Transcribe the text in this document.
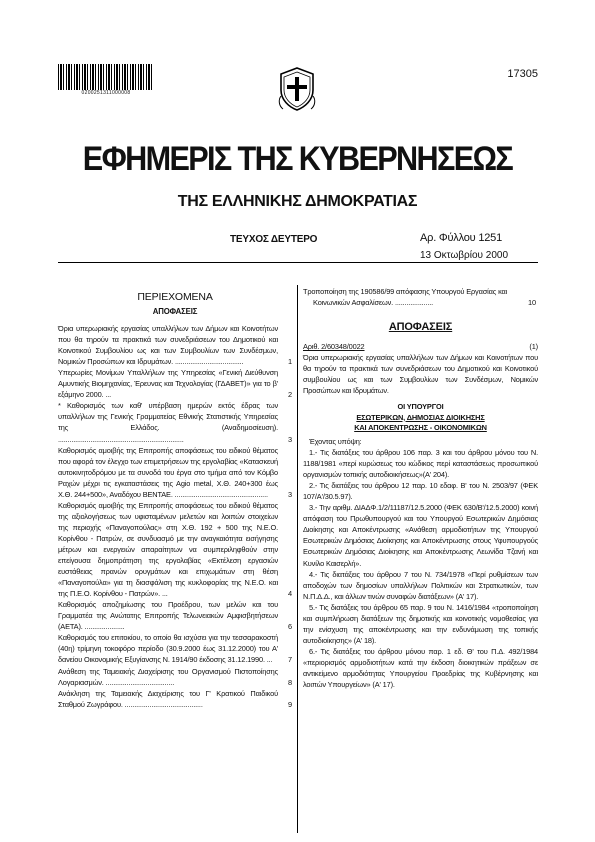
0200251311000008
17305
ΕΦΗΜΕΡΙΣ ΤΗΣ ΚΥΒΕΡΝΗΣΕΩΣ
ΤΗΣ ΕΛΛΗΝΙΚΗΣ ΔΗΜΟΚΡΑΤΙΑΣ
ΤΕΥΧΟΣ ΔΕΥΤΕΡΟ	Αρ. Φύλλου 1251
13 Οκτωβρίου 2000
ΠΕΡΙΕΧΟΜΕΝΑ
ΑΠΟΦΑΣΕΙΣ
Όρια υπερωριακής εργασίας υπαλλήλων των Δήμων και Κοινοτήτων που θα τηρούν τα πρακτικά των συνεδριάσεων του Δημοτικού και Κοινοτικού Συμβουλίου ως και των Συμβουλίων των Συνδέσμων, Νομικών Προσώπων και Ιδρυμάτων. ....................................	1
Υπερωρίες Μονίμων Υπαλλήλων της Υπηρεσίας «Γενική Διεύθυνση Αμυντικής Βιομηχανίας, Έρευνας και Τεχνολογίας (ΓΔΑΒΕΤ)» για το β' εξάμηνο 2000. ...	2
* Καθορισμός των καθ' υπέρβαση ημερών εκτός έδρας των υπαλλήλων της Γενικής Γραμματείας Εθνικής Στατιστικής Υπηρεσίας της Ελλάδος. (Αναδημοσίευση). ..................................................................	3
Καθορισμός αμοιβής της Επιτροπής αποφάσεως του ειδικού θέματος που αφορά τον έλεγχο των επιμετρήσεων της εργολαβίας «Κατασκευή αυτοκινητοδρόμου με τα συνοδά του έργα στο τμήμα από τον Κόμβο Ραχών μέχρι τις εγκαταστάσεις της Αgio metal, Χ.Θ. 240+300 έως Χ.Θ. 244+500», Αναδόχου ΒΕΝΤΑΕ. .................................................	3
Καθορισμός αμοιβής της Επιτροπής αποφάσεως του ειδικού θέματος της αξιολογήσεως των υφισταμένων μελετών και λοιπών στοιχείων της περιοχής «Παναγοπούλας» στη Χ.Θ. 192 + 500 της Ν.Ε.Ο. Κορίνθου - Πατρών, σε συνδυασμό με την αναγκαιότητα εισήγησης μέτρων και ενεργειών απαραίτητων να συμπεριληφθούν στην επείγουσα δημοπράτηση της εργολαβίας «Εκτέλεση εργασιών ευστάθειας πρανών ορυγμάτων και επιχωμάτων στη θέση «Παναγοπούλα» για τη διασφάλιση της κυκλοφορίας της Ν.Ε.Ο. και της Π.Ε.Ο. Κορίνθου - Πατρών». ...	4
Καθορισμός αποζημίωσης του Προέδρου, των μελών και του Γραμματέα της Ανώτατης Επιτροπής Τελωνειακών Αμφισβητήσεων (ΑΕΤΑ). .....................	6
Καθορισμός του επιτοκίου, το οποίο θα ισχύσει για την τεσσαρακοστή (40η) τρίμηνη τοκοφόρο περίοδο (30.9.2000 έως 31.12.2000) του Α' δανείου Οικονομικής Εξυγίανσης Ν. 1914/90 έκδοσης 31.12.1990. ... 7
Ανάθεση της Ταμειακής Διαχείρισης του Οργανισμού Πιστοποίησης Λογαριασμών. ....................................	8
Ανάκληση της Ταμειακής Διαχείρισης του Γ' Κρατικού Παιδικού Σταθμού Ζωγράφου. .........................................	9
Τροποποίηση της 190586/99 απόφασης Υπουργού Εργασίας και Κοινωνικών Ασφαλίσεων. ....................	10
ΑΠΟΦΑΣΕΙΣ
Αριθ. 2/60348/0022	(1)
Όρια υπερωριακής εργασίας υπαλλήλων των Δήμων και Κοινοτήτων που θα τηρούν τα πρακτικά των συνεδριάσεων του Δημοτικού και Κοινοτικού συμβουλίου ως και των Συμβουλίων των Συνδέσμων, Νομικών Προσώπων και Ιδρυμάτων.
ΟΙ ΥΠΟΥΡΓΟΙ
ΕΣΩΤΕΡΙΚΩΝ, ΔΗΜΟΣΙΑΣ ΔΙΟΙΚΗΣΗΣ
ΚΑΙ ΑΠΟΚΕΝΤΡΩΣΗΣ - ΟΙΚΟΝΟΜΙΚΩΝ
Έχοντας υπόψη:
1.- Τις διατάξεις του άρθρου 106 παρ. 3 και του άρθρου μόνου του Ν. 1188/1981 «περί κυρώσεως του κώδικος περί καταστάσεως προσωπικού οργανισμών τοπικής αυτοδιοικήσεως»(Α' 204).
2.- Τις διατάξεις του άρθρου 12 παρ. 10 εδαφ. Β' του Ν. 2503/97 (ΦΕΚ 107/Α'/30.5.97).
3.- Την αριθμ. ΔΙΑΔΦ.1/2/11187/12.5.2000 (ΦΕΚ 630/Β'/12.5.2000) κοινή απόφαση του Πρωθυπουργού και του Υπουργού Εσωτερικών Δημόσιας Διοίκησης και Αποκέντρωσης «Ανάθεση αρμοδιοτήτων της Υπουργού Εσωτερικών Δημόσιας Διοίκησης και Αποκέντρωσης στους Υφυπουργούς Εσωτερικών Δημόσιας Διοίκησης και Αποκέντρωσης Λεωνίδα Τζανή και Κυνίλο Καισερλή».
4.- Τις διατάξεις του άρθρου 7 του Ν. 734/1978 «Περί ρυθμίσεων των αποδοχών των δημοσίων υπαλλήλων Πολιτικών και Στρατιωτικών, των Ν.Π.Δ.Δ., και άλλων τινών συναφών διατάξεων» (Α' 17).
5.- Τις διατάξεις του άρθρου 65 παρ. 9 του Ν. 1416/1984 «τροποποίηση και συμπλήρωση διατάξεων της δημοτικής και κοινοτικής νομοθεσίας για την ενίσχυση της αποκέντρωσης και την ενδυνάμωση της τοπικής αυτοδιοίκησης» (Α' 18).
6.- Τις διατάξεις του άρθρου μόνου παρ. 1 εδ. Θ' του Π.Δ. 492/1984 «περιορισμός αρμοδιοτήτων κατά την έκδοση διοικητικών πράξεων σε αντικείμενο αρμοδιότητας Υπουργείου Προεδρίας της Κυβέρνησης και λοιπών Υπουργείων» (Α' 17).
